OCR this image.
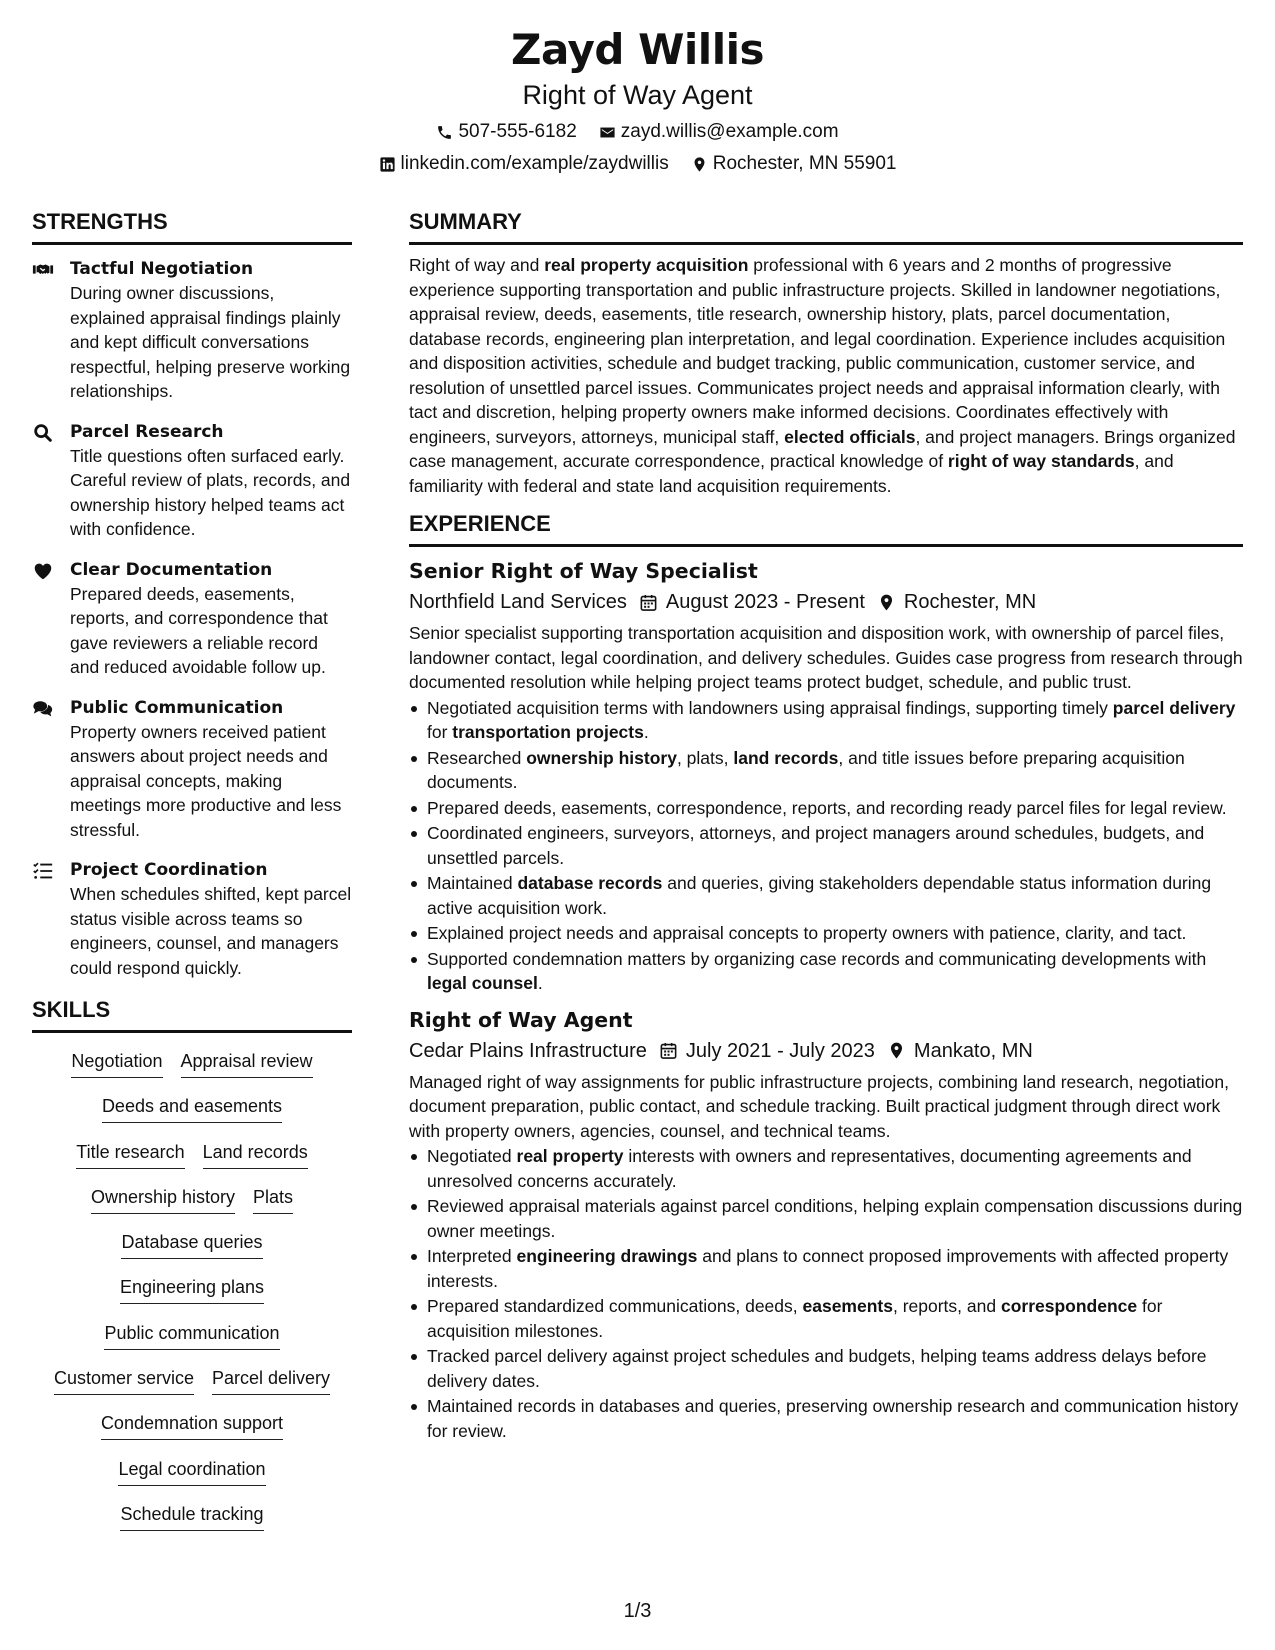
Zayd Willis
Right of Way Agent
507-555-6182 zayd.willis@example.com
linkedin.com/example/zaydwillis Rochester, MN 55901
STRENGTHS
Tactful Negotiation
During owner discussions, explained appraisal findings plainly and kept difficult conversations respectful, helping preserve working relationships.
Parcel Research
Title questions often surfaced early. Careful review of plats, records, and ownership history helped teams act with confidence.
Clear Documentation
Prepared deeds, easements, reports, and correspondence that gave reviewers a reliable record and reduced avoidable follow up.
Public Communication
Property owners received patient answers about project needs and appraisal concepts, making meetings more productive and less stressful.
Project Coordination
When schedules shifted, kept parcel status visible across teams so engineers, counsel, and managers could respond quickly.
SKILLS
Negotiation Appraisal review
Deeds and easements
Title research Land records
Ownership history Plats
Database queries
Engineering plans
Public communication
Customer service Parcel delivery
Condemnation support
Legal coordination
Schedule tracking
SUMMARY
Right of way and real property acquisition professional with 6 years and 2 months of progressive experience supporting transportation and public infrastructure projects. Skilled in landowner negotiations, appraisal review, deeds, easements, title research, ownership history, plats, parcel documentation, database records, engineering plan interpretation, and legal coordination. Experience includes acquisition and disposition activities, schedule and budget tracking, public communication, customer service, and resolution of unsettled parcel issues. Communicates project needs and appraisal information clearly, with tact and discretion, helping property owners make informed decisions. Coordinates effectively with engineers, surveyors, attorneys, municipal staff, elected officials, and project managers. Brings organized case management, accurate correspondence, practical knowledge of right of way standards, and familiarity with federal and state land acquisition requirements.
EXPERIENCE
Senior Right of Way Specialist
Northfield Land Services August 2023 - Present Rochester, MN
Senior specialist supporting transportation acquisition and disposition work, with ownership of parcel files, landowner contact, legal coordination, and delivery schedules. Guides case progress from research through documented resolution while helping project teams protect budget, schedule, and public trust.
Negotiated acquisition terms with landowners using appraisal findings, supporting timely parcel delivery for transportation projects.
Researched ownership history, plats, land records, and title issues before preparing acquisition documents.
Prepared deeds, easements, correspondence, reports, and recording ready parcel files for legal review.
Coordinated engineers, surveyors, attorneys, and project managers around schedules, budgets, and unsettled parcels.
Maintained database records and queries, giving stakeholders dependable status information during active acquisition work.
Explained project needs and appraisal concepts to property owners with patience, clarity, and tact.
Supported condemnation matters by organizing case records and communicating developments with legal counsel.
Right of Way Agent
Cedar Plains Infrastructure July 2021 - July 2023 Mankato, MN
Managed right of way assignments for public infrastructure projects, combining land research, negotiation, document preparation, public contact, and schedule tracking. Built practical judgment through direct work with property owners, agencies, counsel, and technical teams.
Negotiated real property interests with owners and representatives, documenting agreements and unresolved concerns accurately.
Reviewed appraisal materials against parcel conditions, helping explain compensation discussions during owner meetings.
Interpreted engineering drawings and plans to connect proposed improvements with affected property interests.
Prepared standardized communications, deeds, easements, reports, and correspondence for acquisition milestones.
Tracked parcel delivery against project schedules and budgets, helping teams address delays before delivery dates.
Maintained records in databases and queries, preserving ownership research and communication history for review.
1/3
